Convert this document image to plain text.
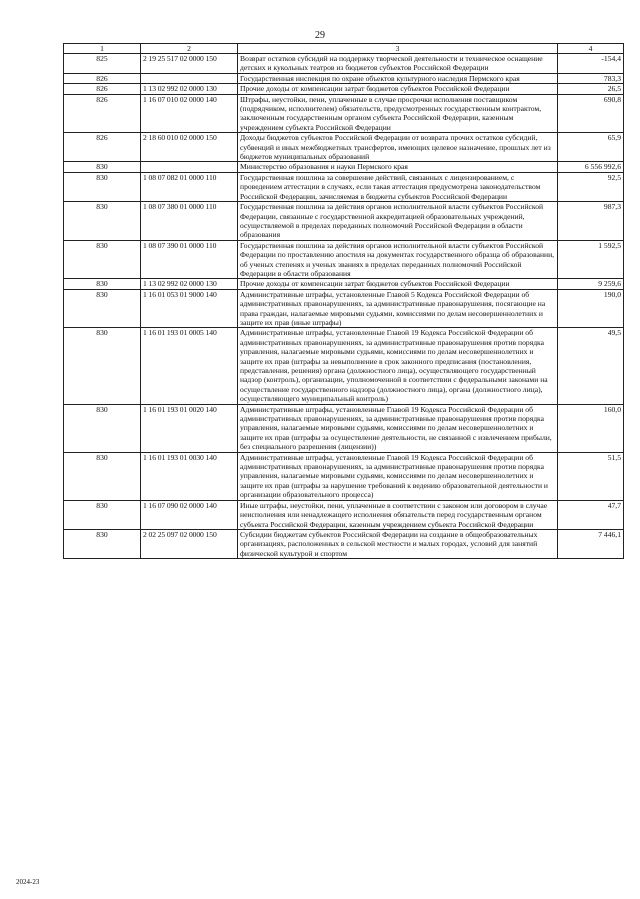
29
1	2	3	4
825	2 19 25 517 02 0000 150	Возврат остатков субсидий на поддержку творческой деятельности и техническое оснащение детских и кукольных театров из бюджетов субъектов Российской Федерации	-154,4
826		Государственная инспекция по охране объектов культурного наследия Пермского края	783,3
826	1 13 02 992 02 0000 130	Прочие доходы от компенсации затрат бюджетов субъектов Российской Федерации	26,5
826	1 16 07 010 02 0000 140	Штрафы, неустойки, пени, уплаченные в случае просрочки исполнения поставщиком (подрядчиком, исполнителем) обязательств, предусмотренных государственным контрактом, заключенным государственным органом субъекта Российской Федерации, казенным учреждением субъекта Российской Федерации	690,8
826	2 18 60 010 02 0000 150	Доходы бюджетов субъектов Российской Федерации от возврата прочих остатков субсидий, субвенций и иных межбюджетных трансфертов, имеющих целевое назначение, прошлых лет из бюджетов муниципальных образований	65,9
830		Министерство образования и науки Пермского края	6 556 992,6
830	1 08 07 082 01 0000 110	Государственная пошлина за совершение действий, связанных с лицензированием, с проведением аттестации в случаях, если такая аттестация предусмотрена законодательством Российской Федерации, зачисляемая в бюджеты субъектов Российской Федерации	92,5
830	1 08 07 380 01 0000 110	Государственная пошлина за действия органов исполнительной власти субъектов Российской Федерации, связанные с государственной аккредитацией образовательных учреждений, осуществляемой в пределах переданных полномочий Российской Федерации в области образования	987,3
830	1 08 07 390 01 0000 110	Государственная пошлина за действия органов исполнительной власти субъектов Российской Федерации по проставлению апостиля на документах государственного образца об образовании, об ученых степенях и ученых званиях в пределах переданных полномочий Российской Федерации в области образования	1 592,5
830	1 13 02 992 02 0000 130	Прочие доходы от компенсации затрат бюджетов субъектов Российской Федерации	9 259,6
830	1 16 01 053 01 9000 140	Административные штрафы, установленные Главой 5 Кодекса Российской Федерации об административных правонарушениях, за административные правонарушения, посягающие на права граждан, налагаемые мировыми судьями, комиссиями по делам несовершеннолетних и защите их прав (иные штрафы)	190,0
830	1 16 01 193 01 0005 140	Административные штрафы, установленные Главой 19 Кодекса Российской Федерации об административных правонарушениях, за административные правонарушения против порядка управления, налагаемые мировыми судьями, комиссиями по делам несовершеннолетних и защите их прав (штрафы за невыполнение в срок законного предписания (постановления, представления, решения) органа (должностного лица), осуществляющего государственный надзор (контроль), организации, уполномоченной в соответствии с федеральными законами на осуществление государственного надзора (должностного лица), органа (должностного лица), осуществляющего муниципальный контроль)	49,5
830	1 16 01 193 01 0020 140	Административные штрафы, установленные Главой 19 Кодекса Российской Федерации об административных правонарушениях, за административные правонарушения против порядка управления, налагаемые мировыми судьями, комиссиями по делам несовершеннолетних и защите их прав (штрафы за осуществление деятельности, не связанной с извлечением прибыли, без специального разрешения (лицензии))	160,0
830	1 16 01 193 01 0030 140	Административные штрафы, установленные Главой 19 Кодекса Российской Федерации об административных правонарушениях, за административные правонарушения против порядка управления, налагаемые мировыми судьями, комиссиями по делам несовершеннолетних и защите их прав (штрафы за нарушение требований к ведению образовательной деятельности и организации образовательного процесса)	51,5
830	1 16 07 090 02 0000 140	Иные штрафы, неустойки, пени, уплаченные в соответствии с законом или договором в случае неисполнения или ненадлежащего исполнения обязательств перед государственным органом субъекта Российской Федерации, казенным учреждением субъекта Российской Федерации	47,7
830	2 02 25 097 02 0000 150	Субсидии бюджетам субъектов Российской Федерации на создание в общеобразовательных организациях, расположенных в сельской местности и малых городах, условий для занятий физической культурой и спортом	7 446,1
2024-23
